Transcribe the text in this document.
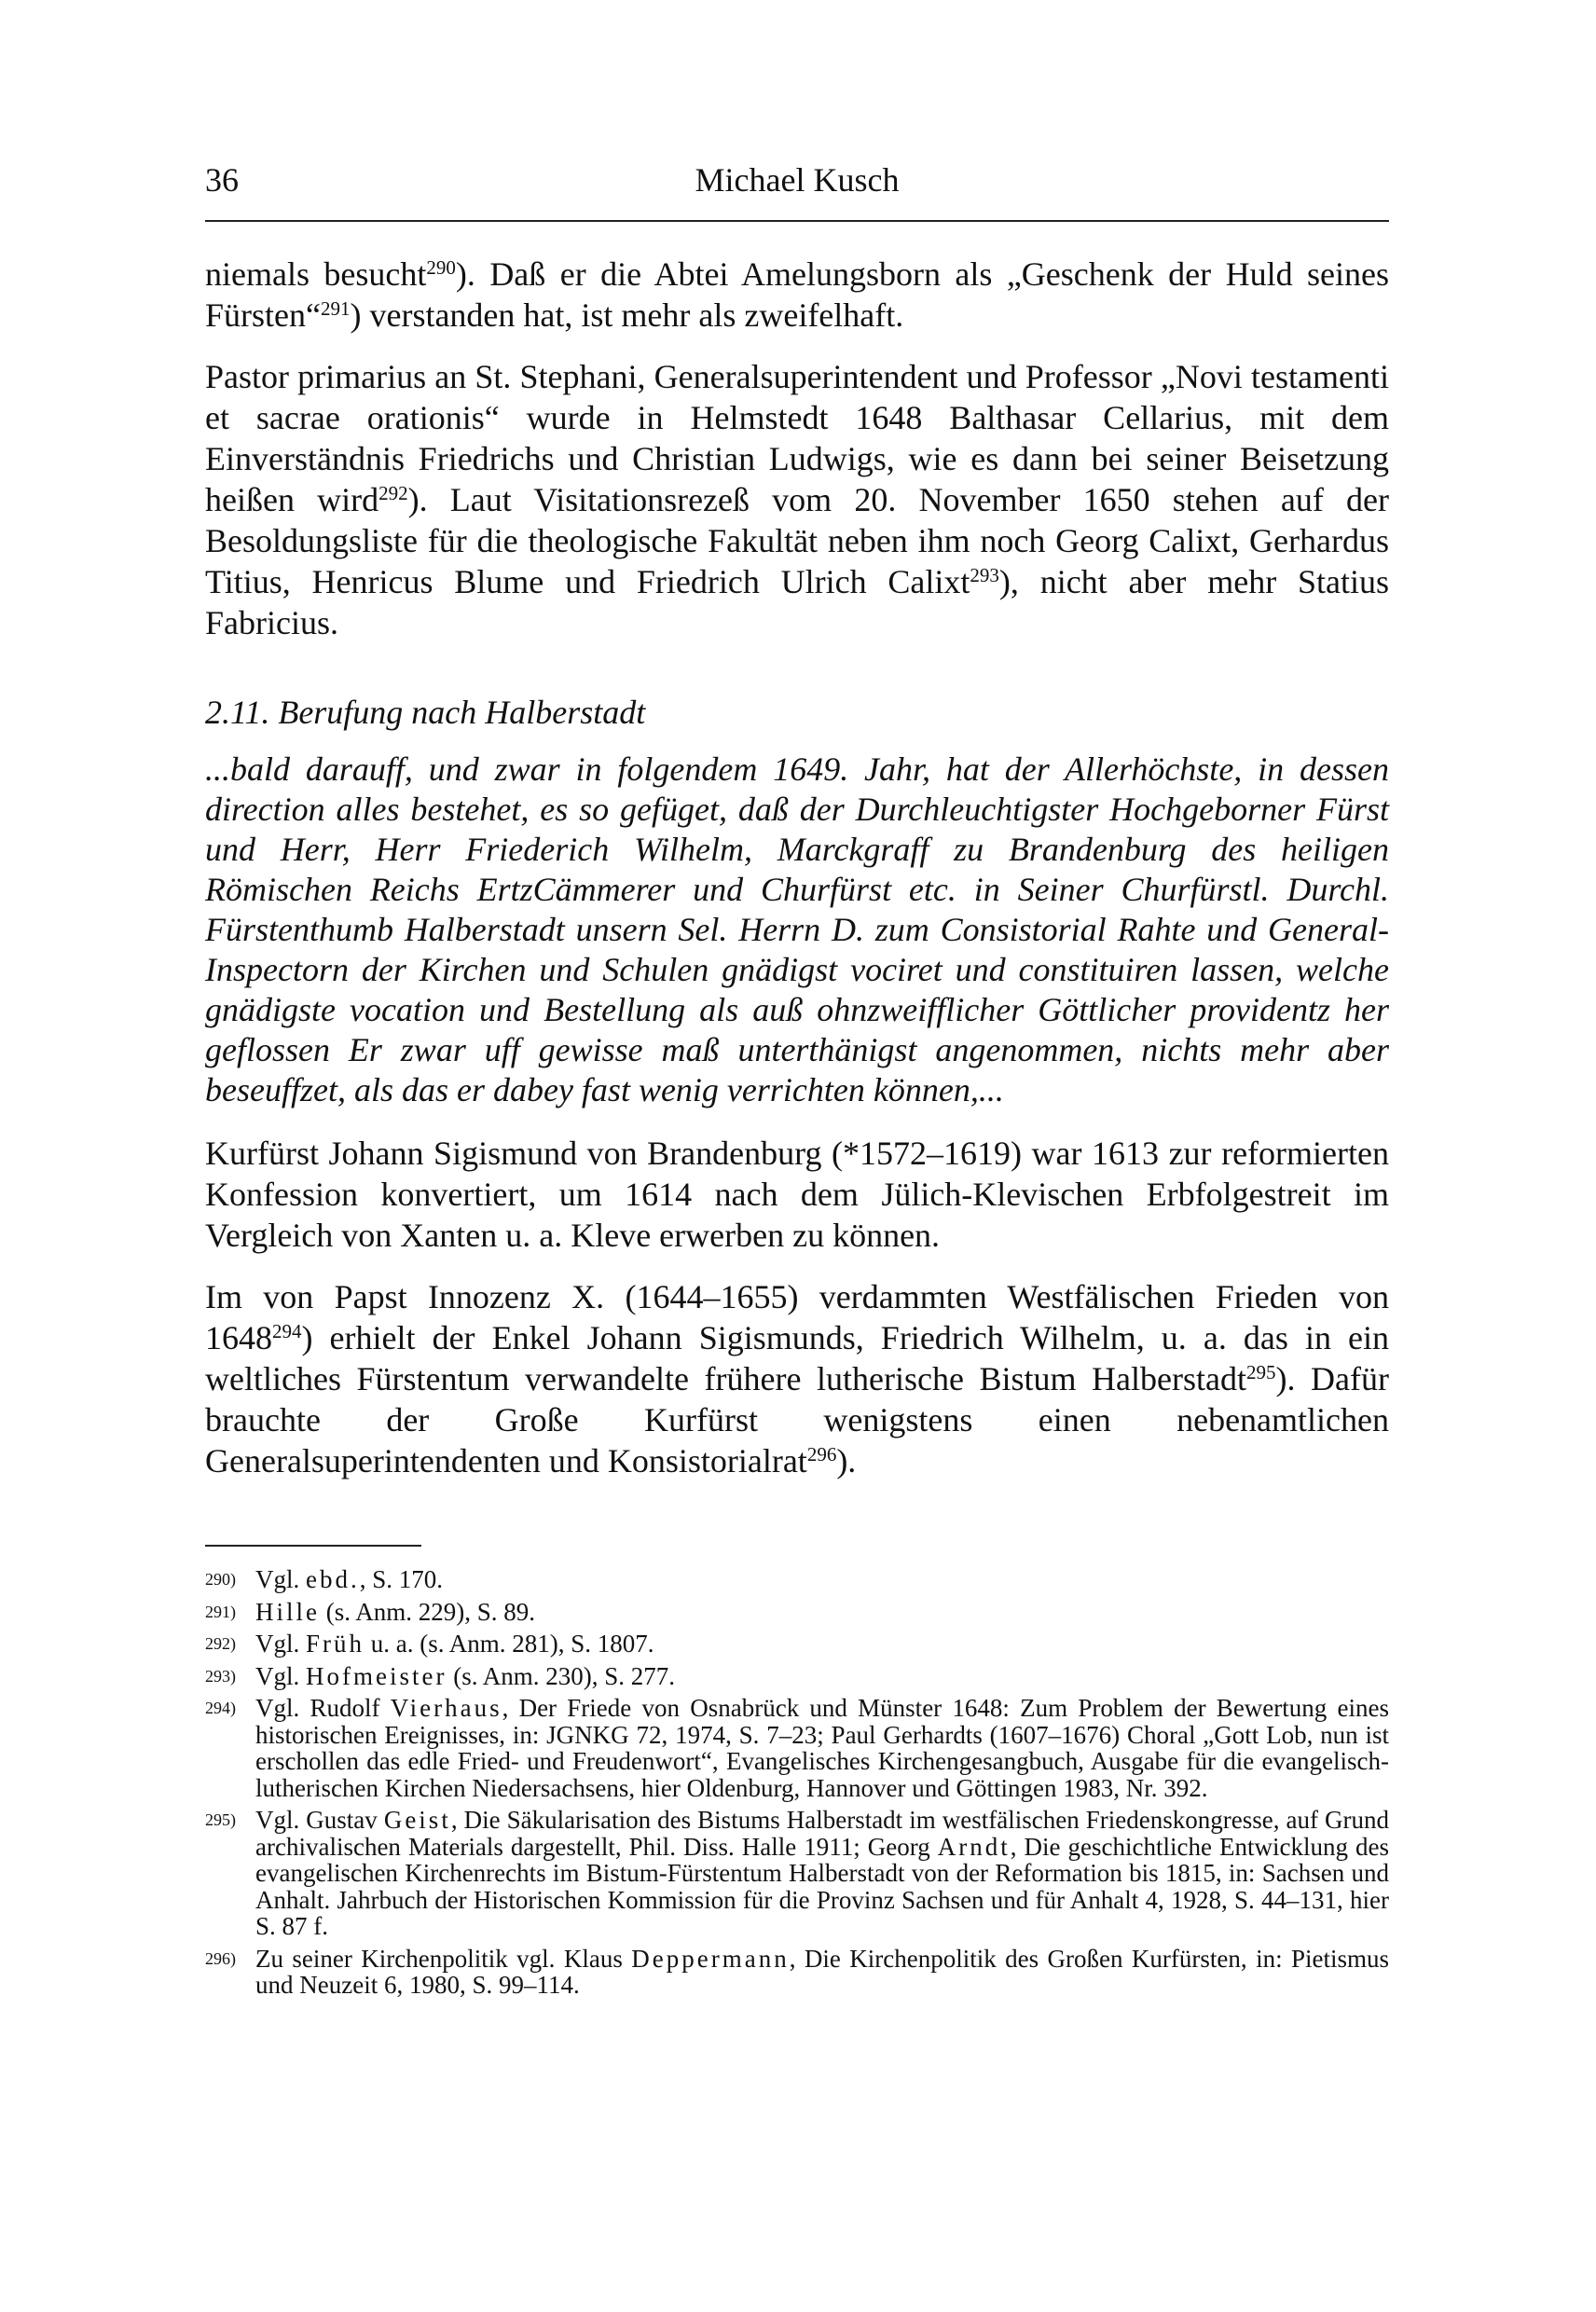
36	Michael Kusch

niemals besucht$^{290}$). Daß er die Abtei Amelungsborn als „Geschenk der Huld seines Fürsten“$^{291}$) verstanden hat, ist mehr als zweifelhaft.

Pastor primarius an St. Stephani, Generalsuperintendent und Professor „Novi testamenti et sacrae orationis“ wurde in Helmstedt 1648 Balthasar Cellarius, mit dem Einverständnis Friedrichs und Christian Ludwigs, wie es dann bei seiner Beisetzung heißen wird$^{292}$). Laut Visitationsrezeß vom 20. November 1650 stehen auf der Besoldungsliste für die theologische Fakultät neben ihm noch Georg Calixt, Gerhardus Titius, Henricus Blume und Friedrich Ulrich Calixt$^{293}$), nicht aber mehr Statius Fabricius.

2.11. Berufung nach Halberstadt
...bald darauff, und zwar in folgendem 1649. Jahr, hat der Allerhöchste, in dessen direction alles bestehet, es so gefüget, daß der Durchleuchtigster Hochgeborner Fürst und Herr, Herr Friederich Wilhelm, Marckgraff zu Brandenburg des heiligen Römischen Reichs ErtzCämmerer und Churfürst etc. in Seiner Churfürstl. Durchl. Fürstenthumb Halberstadt unsern Sel. Herrn D. zum Consistorial Rahte und General-Inspectorn der Kirchen und Schulen gnädigst vociret und constituiren lassen, welche gnädigste vocation und Bestellung als auß ohnzweifflicher Göttlicher providentz her geflossen Er zwar uff gewisse maß unterthänigst angenommen, nichts mehr aber beseuffzet, als das er dabey fast wenig verrichten können,...

Kurfürst Johann Sigismund von Brandenburg (*1572–1619) war 1613 zur reformierten Konfession konvertiert, um 1614 nach dem Jülich-Klevischen Erbfolgestreit im Vergleich von Xanten u. a. Kleve erwerben zu können.

Im von Papst Innozenz X. (1644–1655) verdammten Westfälischen Frieden von 1648$^{294}$) erhielt der Enkel Johann Sigismunds, Friedrich Wilhelm, u. a. das in ein weltliches Fürstentum verwandelte frühere lutherische Bistum Halberstadt$^{295}$). Dafür brauchte der Große Kurfürst wenigstens einen nebenamtlichen Generalsuperintendenten und Konsistorialrat$^{296}$).

290) Vgl. ebd., S. 170.
291) Hille (s. Anm. 229), S. 89.
292) Vgl. Früh u. a. (s. Anm. 281), S. 1807.
293) Vgl. Hofmeister (s. Anm. 230), S. 277.
294) Vgl. Rudolf Vierhaus, Der Friede von Osnabrück und Münster 1648: Zum Problem der Bewertung eines historischen Ereignisses, in: JGNKG 72, 1974, S. 7–23; Paul Gerhardts (1607–1676) Choral „Gott Lob, nun ist erschollen das edle Fried- und Freudenwort“, Evangelisches Kirchengesangbuch, Ausgabe für die evangelisch-lutherischen Kirchen Niedersachsens, hier Oldenburg, Hannover und Göttingen 1983, Nr. 392.
295) Vgl. Gustav Geist, Die Säkularisation des Bistums Halberstadt im westfälischen Friedenskongresse, auf Grund archivalischen Materials dargestellt, Phil. Diss. Halle 1911; Georg Arndt, Die geschichtliche Entwicklung des evangelischen Kirchenrechts im Bistum-Fürstentum Halberstadt von der Reformation bis 1815, in: Sachsen und Anhalt. Jahrbuch der Historischen Kommission für die Provinz Sachsen und für Anhalt 4, 1928, S. 44–131, hier S. 87 f.
296) Zu seiner Kirchenpolitik vgl. Klaus Deppermann, Die Kirchenpolitik des Großen Kurfürsten, in: Pietismus und Neuzeit 6, 1980, S. 99–114.
